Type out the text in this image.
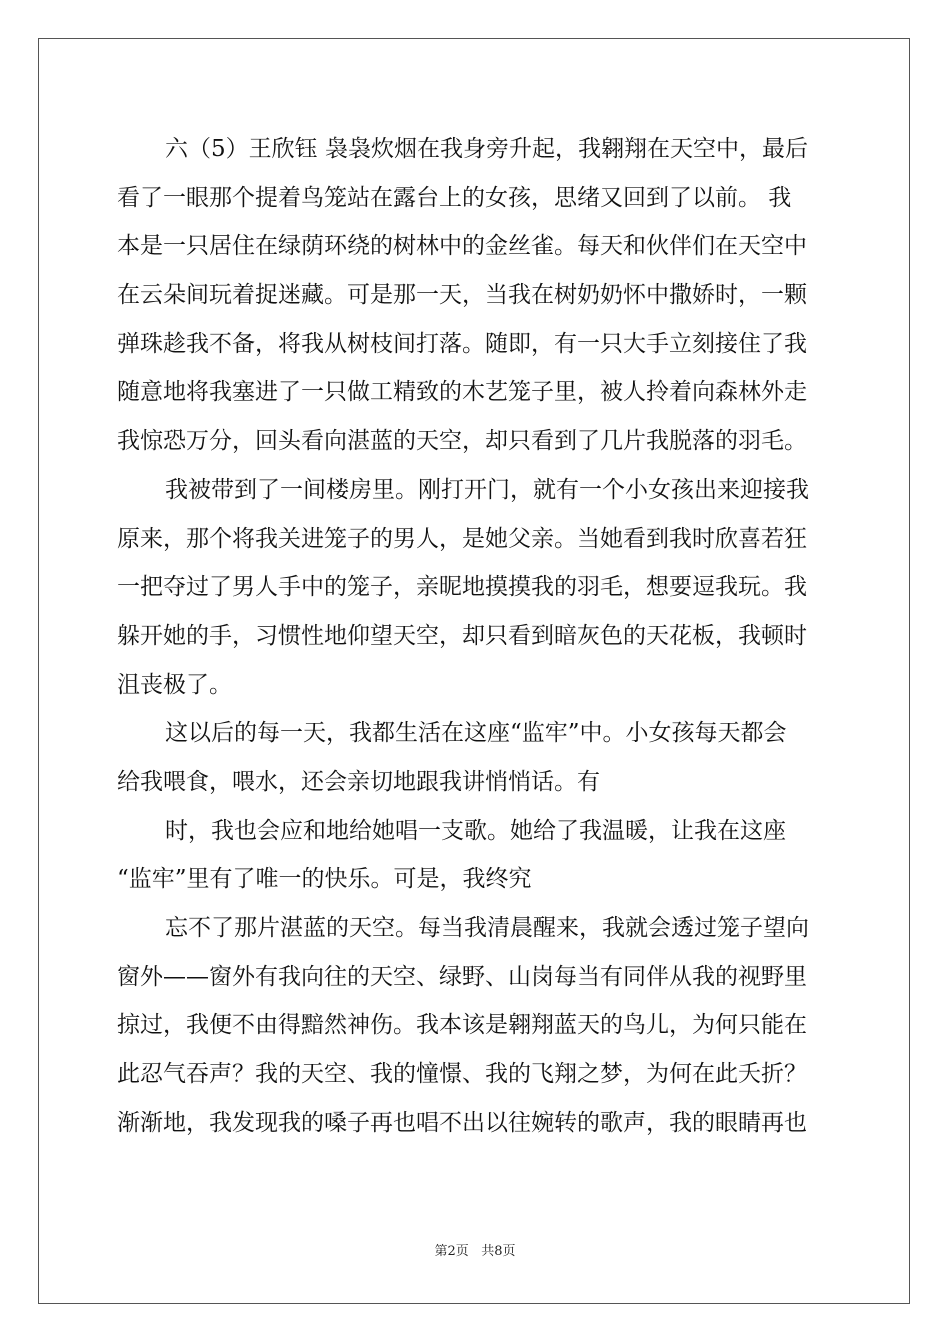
六（5）王欣钰 袅袅炊烟在我身旁升起，我翱翔在天空中，最后
看了一眼那个提着鸟笼站在露台上的女孩，思绪又回到了以前。 我
本是一只居住在绿荫环绕的树林中的金丝雀。每天和伙伴们在天空中
在云朵间玩着捉迷藏。可是那一天，当我在树奶奶怀中撒娇时，一颗
弹珠趁我不备，将我从树枝间打落。随即，有一只大手立刻接住了我
随意地将我塞进了一只做工精致的木艺笼子里，被人拎着向森林外走
我惊恐万分，回头看向湛蓝的天空，却只看到了几片我脱落的羽毛。
我被带到了一间楼房里。刚打开门，就有一个小女孩出来迎接我
原来，那个将我关进笼子的男人，是她父亲。当她看到我时欣喜若狂
一把夺过了男人手中的笼子，亲昵地摸摸我的羽毛，想要逗我玩。我
躲开她的手，习惯性地仰望天空，却只看到暗灰色的天花板，我顿时
沮丧极了。
这以后的每一天，我都生活在这座“监牢”中。小女孩每天都会
给我喂食，喂水，还会亲切地跟我讲悄悄话。有
时，我也会应和地给她唱一支歌。她给了我温暖，让我在这座
“监牢”里有了唯一的快乐。可是，我终究
忘不了那片湛蓝的天空。每当我清晨醒来，我就会透过笼子望向
窗外——窗外有我向往的天空、绿野、山岗每当有同伴从我的视野里
掠过，我便不由得黯然神伤。我本该是翱翔蓝天的鸟儿，为何只能在
此忍气吞声？我的天空、我的憧憬、我的飞翔之梦，为何在此夭折？
渐渐地，我发现我的嗓子再也唱不出以往婉转的歌声，我的眼睛再也
第2页 共8页
